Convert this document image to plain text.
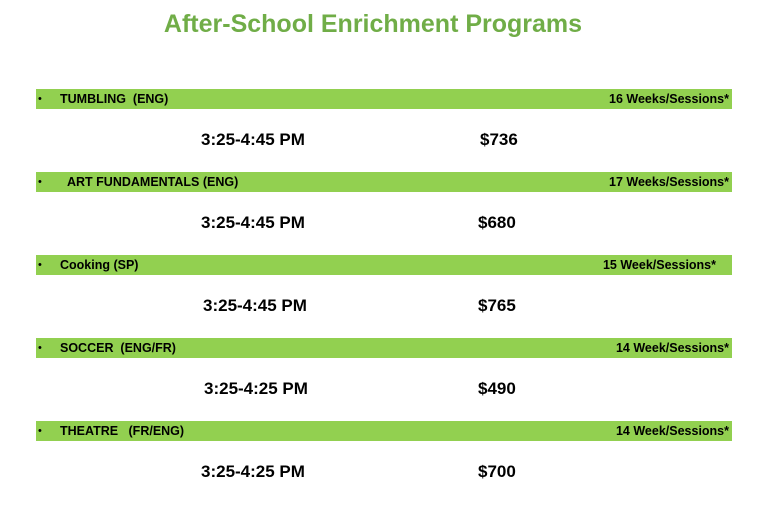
After-School Enrichment Programs
• TUMBLING  (ENG)	16 Weeks/Sessions*
3:25-4:45 PM	$736
• ART FUNDAMENTALS (ENG)	17 Weeks/Sessions*
3:25-4:45 PM	$680
• Cooking (SP)	15 Week/Sessions*
3:25-4:45 PM	$765
• SOCCER  (ENG/FR)	14 Week/Sessions*
3:25-4:25 PM	$490
• THEATRE   (FR/ENG)	14 Week/Sessions*
3:25-4:25 PM	$700
